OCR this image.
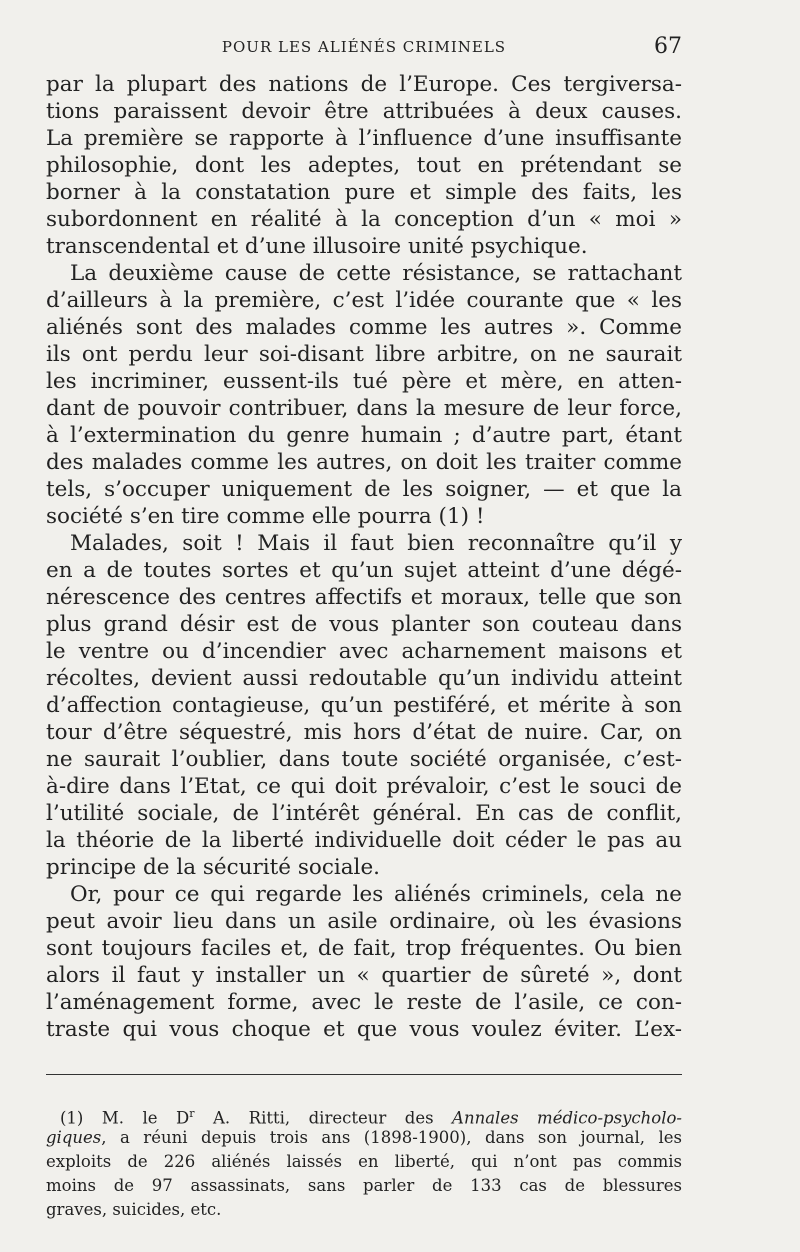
POUR LES ALIÉNÉS CRIMINELS	67
par la plupart des nations de l’Europe. Ces tergiversa-
tions paraissent devoir être attribuées à deux causes.
La première se rapporte à l’influence d’une insuffisante
philosophie, dont les adeptes, tout en prétendant se
borner à la constatation pure et simple des faits, les
subordonnent en réalité à la conception d’un « moi »
transcendental et d’une illusoire unité psychique.
La deuxième cause de cette résistance, se rattachant
d’ailleurs à la première, c’est l’idée courante que « les
aliénés sont des malades comme les autres ». Comme
ils ont perdu leur soi-disant libre arbitre, on ne saurait
les incriminer, eussent-ils tué père et mère, en atten-
dant de pouvoir contribuer, dans la mesure de leur force,
à l’extermination du genre humain ; d’autre part, étant
des malades comme les autres, on doit les traiter comme
tels, s’occuper uniquement de les soigner, — et que la
société s’en tire comme elle pourra (1) !
Malades, soit ! Mais il faut bien reconnaître qu’il y
en a de toutes sortes et qu’un sujet atteint d’une dégé-
nérescence des centres affectifs et moraux, telle que son
plus grand désir est de vous planter son couteau dans
le ventre ou d’incendier avec acharnement maisons et
récoltes, devient aussi redoutable qu’un individu atteint
d’affection contagieuse, qu’un pestiféré, et mérite à son
tour d’être séquestré, mis hors d’état de nuire. Car, on
ne saurait l’oublier, dans toute société organisée, c’est-
à-dire dans l’Etat, ce qui doit prévaloir, c’est le souci de
l’utilité sociale, de l’intérêt général. En cas de conflit,
la théorie de la liberté individuelle doit céder le pas au
principe de la sécurité sociale.
Or, pour ce qui regarde les aliénés criminels, cela ne
peut avoir lieu dans un asile ordinaire, où les évasions
sont toujours faciles et, de fait, trop fréquentes. Ou bien
alors il faut y installer un « quartier de sûreté », dont
l’aménagement forme, avec le reste de l’asile, ce con-
traste qui vous choque et que vous voulez éviter. L’ex-
(1) M. le $D^r$ A. Ritti, directeur des Annales médico-psycholo-
giques, a réuni depuis trois ans (1898-1900), dans son journal, les
exploits de 226 aliénés laissés en liberté, qui n’ont pas commis
moins de 97 assassinats, sans parler de 133 cas de blessures
graves, suicides, etc.
